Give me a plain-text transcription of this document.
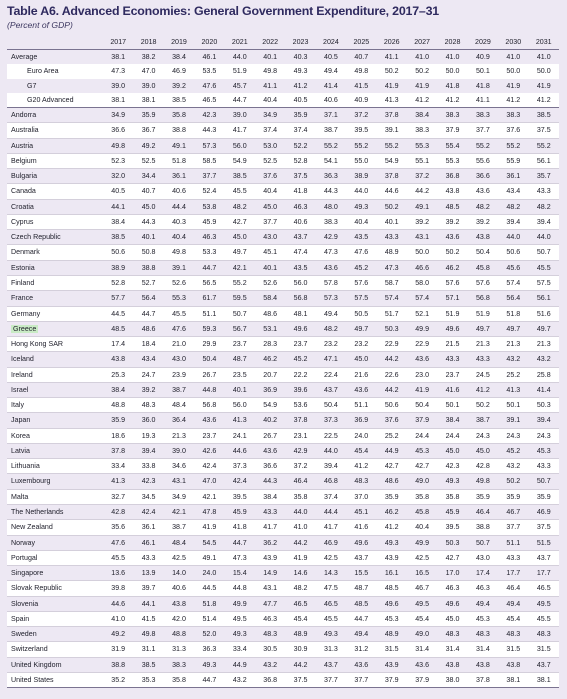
Table A6. Advanced Economies: General Government Expenditure, 2017–31
(Percent of GDP)
	2017	2018	2019	2020	2021	2022	2023	2024	2025	2026	2027	2028	2029	2030	2031
Average	38.1	38.2	38.4	46.1	44.0	40.1	40.3	40.5	40.7	41.1	41.0	41.0	40.9	41.0	41.0
Euro Area	47.3	47.0	46.9	53.5	51.9	49.8	49.3	49.4	49.8	50.2	50.2	50.0	50.1	50.0	50.0
G7	39.0	39.0	39.2	47.6	45.7	41.1	41.2	41.4	41.5	41.9	41.9	41.8	41.8	41.9	41.9
G20 Advanced	38.1	38.1	38.5	46.5	44.7	40.4	40.5	40.6	40.9	41.3	41.2	41.2	41.1	41.2	41.2
Andorra	34.9	35.9	35.8	42.3	39.0	34.9	35.9	37.1	37.2	37.8	38.4	38.3	38.3	38.3	38.5
Australia	36.6	36.7	38.8	44.3	41.7	37.4	37.4	38.7	39.5	39.1	38.3	37.9	37.7	37.6	37.5
Austria	49.8	49.2	49.1	57.3	56.0	53.0	52.2	55.2	55.2	55.2	55.3	55.4	55.2	55.2	55.2
Belgium	52.3	52.5	51.8	58.5	54.9	52.5	52.8	54.1	55.0	54.9	55.1	55.3	55.6	55.9	56.1
Bulgaria	32.0	34.4	36.1	37.7	38.5	37.6	37.5	36.3	38.9	37.8	37.2	36.8	36.6	36.1	35.7
Canada	40.5	40.7	40.6	52.4	45.5	40.4	41.8	44.3	44.0	44.6	44.2	43.8	43.6	43.4	43.3
Croatia	44.1	45.0	44.4	53.8	48.2	45.0	46.3	48.0	49.3	50.2	49.1	48.5	48.2	48.2	48.2
Cyprus	38.4	44.3	40.3	45.9	42.7	37.7	40.6	38.3	40.4	40.1	39.2	39.2	39.2	39.4	39.4
Czech Republic	38.5	40.1	40.4	46.3	45.0	43.0	43.7	42.9	43.5	43.3	43.1	43.6	43.8	44.0	44.0
Denmark	50.6	50.8	49.8	53.3	49.7	45.1	47.4	47.3	47.6	48.9	50.0	50.2	50.4	50.6	50.7
Estonia	38.9	38.8	39.1	44.7	42.1	40.1	43.5	43.6	45.2	47.3	46.6	46.2	45.8	45.6	45.5
Finland	52.8	52.7	52.6	56.5	55.2	52.6	56.0	57.8	57.6	58.7	58.0	57.6	57.6	57.4	57.5
France	57.7	56.4	55.3	61.7	59.5	58.4	56.8	57.3	57.5	57.4	57.4	57.1	56.8	56.4	56.1
Germany	44.5	44.7	45.5	51.1	50.7	48.6	48.1	49.4	50.5	51.7	52.1	51.9	51.9	51.8	51.6
Greece	48.5	48.6	47.6	59.3	56.7	53.1	49.6	48.2	49.7	50.3	49.9	49.6	49.7	49.7	49.7
Hong Kong SAR	17.4	18.4	21.0	29.9	23.7	28.3	23.7	23.2	23.2	22.9	22.9	21.5	21.3	21.3	21.3
Iceland	43.8	43.4	43.0	50.4	48.7	46.2	45.2	47.1	45.0	44.2	43.6	43.3	43.3	43.2	43.2
Ireland	25.3	24.7	23.9	26.7	23.5	20.7	22.2	22.4	21.6	22.6	23.0	23.7	24.5	25.2	25.8
Israel	38.4	39.2	38.7	44.8	40.1	36.9	39.6	43.7	43.6	44.2	41.9	41.6	41.2	41.3	41.4
Italy	48.8	48.3	48.4	56.8	56.0	54.9	53.6	50.4	51.1	50.6	50.4	50.1	50.2	50.1	50.3
Japan	35.9	36.0	36.4	43.6	41.3	40.2	37.8	37.3	36.9	37.6	37.9	38.4	38.7	39.1	39.4
Korea	18.6	19.3	21.3	23.7	24.1	26.7	23.1	22.5	24.0	25.2	24.4	24.4	24.3	24.3	24.3
Latvia	37.8	39.4	39.0	42.6	44.6	43.6	42.9	44.0	45.4	44.9	45.3	45.0	45.0	45.2	45.3
Lithuania	33.4	33.8	34.6	42.4	37.3	36.6	37.2	39.4	41.2	42.7	42.7	42.3	42.8	43.2	43.3
Luxembourg	41.3	42.3	43.1	47.0	42.4	44.3	46.4	46.8	48.3	48.6	49.0	49.3	49.8	50.2	50.7
Malta	32.7	34.5	34.9	42.1	39.5	38.4	35.8	37.4	37.0	35.9	35.8	35.8	35.9	35.9	35.9
The Netherlands	42.8	42.4	42.1	47.8	45.9	43.3	44.0	44.4	45.1	46.2	45.8	45.9	46.4	46.7	46.9
New Zealand	35.6	36.1	38.7	41.9	41.8	41.7	41.0	41.7	41.6	41.2	40.4	39.5	38.8	37.7	37.5
Norway	47.6	46.1	48.4	54.5	44.7	36.2	44.2	46.9	49.6	49.3	49.9	50.3	50.7	51.1	51.5
Portugal	45.5	43.3	42.5	49.1	47.3	43.9	41.9	42.5	43.7	43.9	42.5	42.7	43.0	43.3	43.7
Singapore	13.6	13.9	14.0	24.0	15.4	14.9	14.6	14.3	15.5	16.1	16.5	17.0	17.4	17.7	17.7
Slovak Republic	39.8	39.7	40.6	44.5	44.8	43.1	48.2	47.5	48.7	48.5	46.7	46.3	46.3	46.4	46.5
Slovenia	44.6	44.1	43.8	51.8	49.9	47.7	46.5	46.5	48.5	49.6	49.5	49.6	49.4	49.4	49.5
Spain	41.0	41.5	42.0	51.4	49.5	46.3	45.4	45.5	44.7	45.3	45.4	45.0	45.3	45.4	45.5
Sweden	49.2	49.8	48.8	52.0	49.3	48.3	48.9	49.3	49.4	48.9	49.0	48.3	48.3	48.3	48.3
Switzerland	31.9	31.1	31.3	36.3	33.4	30.5	30.9	31.3	31.2	31.5	31.4	31.4	31.4	31.5	31.5
United Kingdom	38.8	38.5	38.3	49.3	44.9	43.2	44.2	43.7	43.6	43.9	43.6	43.8	43.8	43.8	43.7
United States	35.2	35.3	35.8	44.7	43.2	36.8	37.5	37.7	37.7	37.9	37.9	38.0	37.8	38.1	38.1
